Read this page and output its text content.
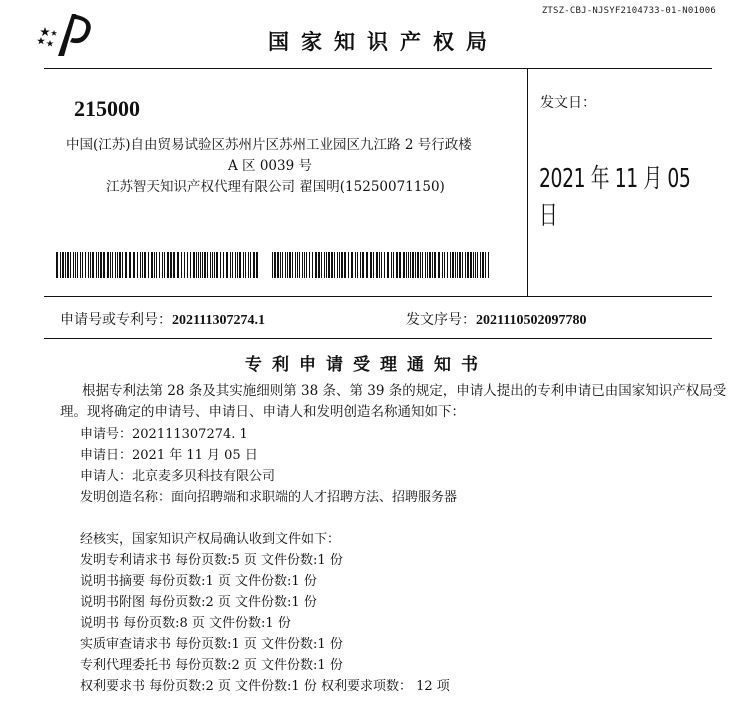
ZTSZ-CBJ-NJSYF2104733-01-N01006
国家知识产权局
215000
中国(江苏)自由贸易试验区苏州片区苏州工业园区九江路 2 号行政楼
A 区 0039 号
江苏智天知识产权代理有限公司 翟国明(15250071150)
发文日：
2021 年 11 月 05 日
申请号或专利号：202111307274.1	发文序号：2021110502097780
专利申请受理通知书
根据专利法第 28 条及其实施细则第 38 条、第 39 条的规定，申请人提出的专利申请已由国家知识产权局受理。现将确定的申请号、申请日、申请人和发明创造名称通知如下：
申请号：202111307274. 1
申请日：2021 年 11 月 05 日
申请人：北京麦多贝科技有限公司
发明创造名称：面向招聘端和求职端的人才招聘方法、招聘服务器
经核实，国家知识产权局确认收到文件如下：
发明专利请求书 每份页数:5 页 文件份数:1 份
说明书摘要 每份页数:1 页 文件份数:1 份
说明书附图 每份页数:2 页 文件份数:1 份
说明书 每份页数:8 页 文件份数:1 份
实质审查请求书 每份页数:1 页 文件份数:1 份
专利代理委托书 每份页数:2 页 文件份数:1 份
权利要求书 每份页数:2 页 文件份数:1 份 权利要求项数： 12 项
